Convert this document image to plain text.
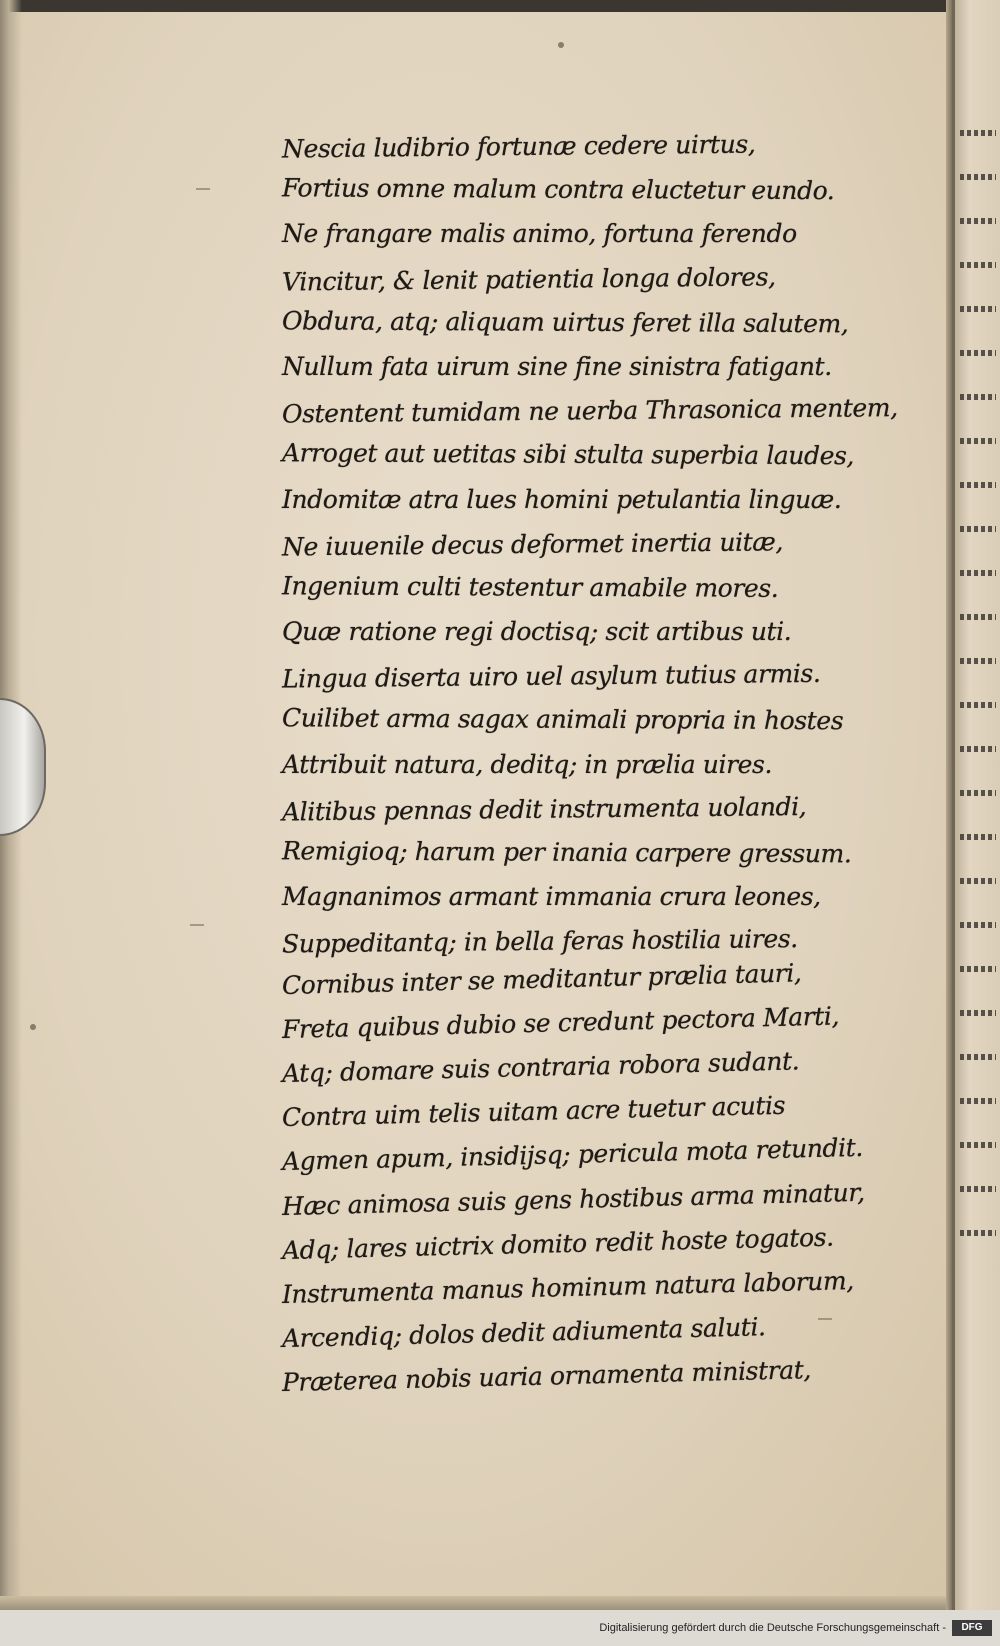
Nescia ludibrio fortunæ cedere uirtus,
Fortius omne malum contra eluctetur eundo.
Ne frangare malis animo, fortuna ferendo
Vincitur, & lenit patientia longa dolores,
Obdura, atq; aliquam uirtus feret illa salutem,
Nullum fata uirum sine fine sinistra fatigant.
Ostentent tumidam ne uerba Thrasonica mentem,
Arroget aut uetitas sibi stulta superbia laudes,
Indomitæ atra lues homini petulantia linguæ.
Ne iuuenile decus deformet inertia uitæ,
Ingenium culti testentur amabile mores.
Quæ ratione regi doctisq; scit artibus uti.
Lingua diserta uiro uel asylum tutius armis.
Cuilibet arma sagax animali propria in hostes
Attribuit natura, deditq; in prælia uires.
Alitibus pennas dedit instrumenta uolandi,
Remigioq; harum per inania carpere gressum.
Magnanimos armant immania crura leones,
Suppeditantq; in bella feras hostilia uires.
Cornibus inter se meditantur prælia tauri,
Freta quibus dubio se credunt pectora Marti,
Atq; domare suis contraria robora sudant.
Contra uim telis uitam acre tuetur acutis
Agmen apum, insidijsq; pericula mota retundit.
Hæc animosa suis gens hostibus arma minatur,
Adq; lares uictrix domito redit hoste togatos.
Instrumenta manus hominum natura laborum,
Arcendiq; dolos dedit adiumenta saluti.
Præterea nobis uaria ornamenta ministrat,
Digitalisierung gefördert durch die Deutsche Forschungsgemeinschaft -	DFG
